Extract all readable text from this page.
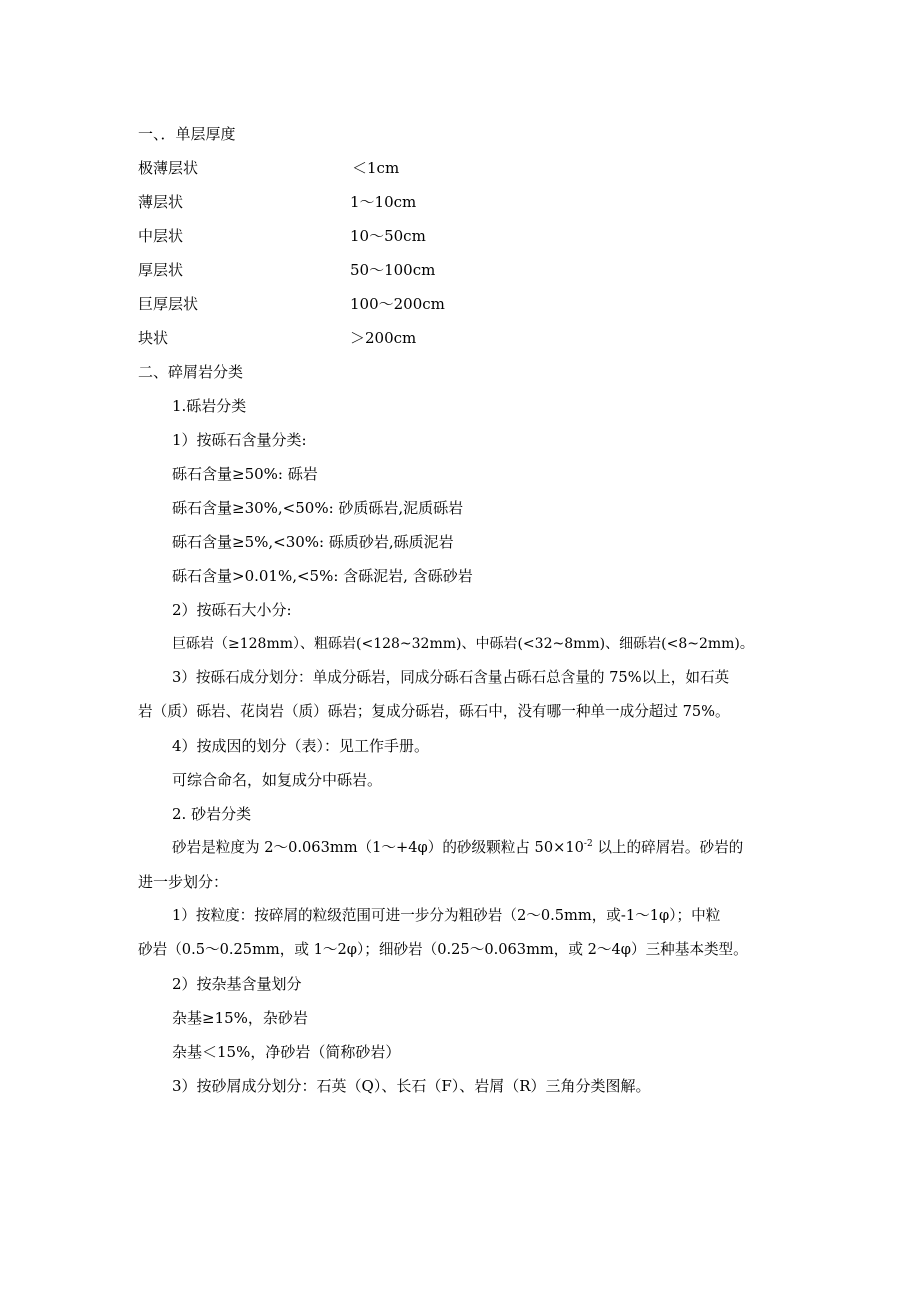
一、．单层厚度
极薄层状	＜1cm
薄层状	1～10cm
中层状	10～50cm
厚层状	50～100cm
巨厚层状	100～200cm
块状	＞200cm
二、碎屑岩分类
1.砾岩分类
1）按砾石含量分类:
砾石含量≥50%: 砾岩
砾石含量≥30%,<50%: 砂质砾岩,泥质砾岩
砾石含量≥5%,<30%: 砾质砂岩,砾质泥岩
砾石含量>0.01%,<5%: 含砾泥岩, 含砾砂岩
2）按砾石大小分:
巨砾岩（≥128mm）、粗砾岩(<128~32mm)、中砾岩(<32~8mm)、细砾岩(<8~2mm)。
3）按砾石成分划分：单成分砾岩，同成分砾石含量占砾石总含量的 75%以上，如石英
岩（质）砾岩、花岗岩（质）砾岩；复成分砾岩，砾石中，没有哪一种单一成分超过 75%。
4）按成因的划分（表）：见工作手册。
可综合命名，如复成分中砾岩。
2. 砂岩分类
砂岩是粒度为 2～0.063mm（1～+4φ）的砂级颗粒占 $50\times 10^{-2}$ 以上的碎屑岩。砂岩的
进一步划分：
1）按粒度：按碎屑的粒级范围可进一步分为粗砂岩（2～0.5mm，或-1～1φ）；中粒
砂岩（0.5～0.25mm，或 1～2φ）；细砂岩（0.25～0.063mm，或 2～4φ）三种基本类型。
2）按杂基含量划分
杂基≥15%，杂砂岩
杂基＜15%，净砂岩（简称砂岩）
3）按砂屑成分划分：石英（Q）、长石（F）、岩屑（R）三角分类图解。
